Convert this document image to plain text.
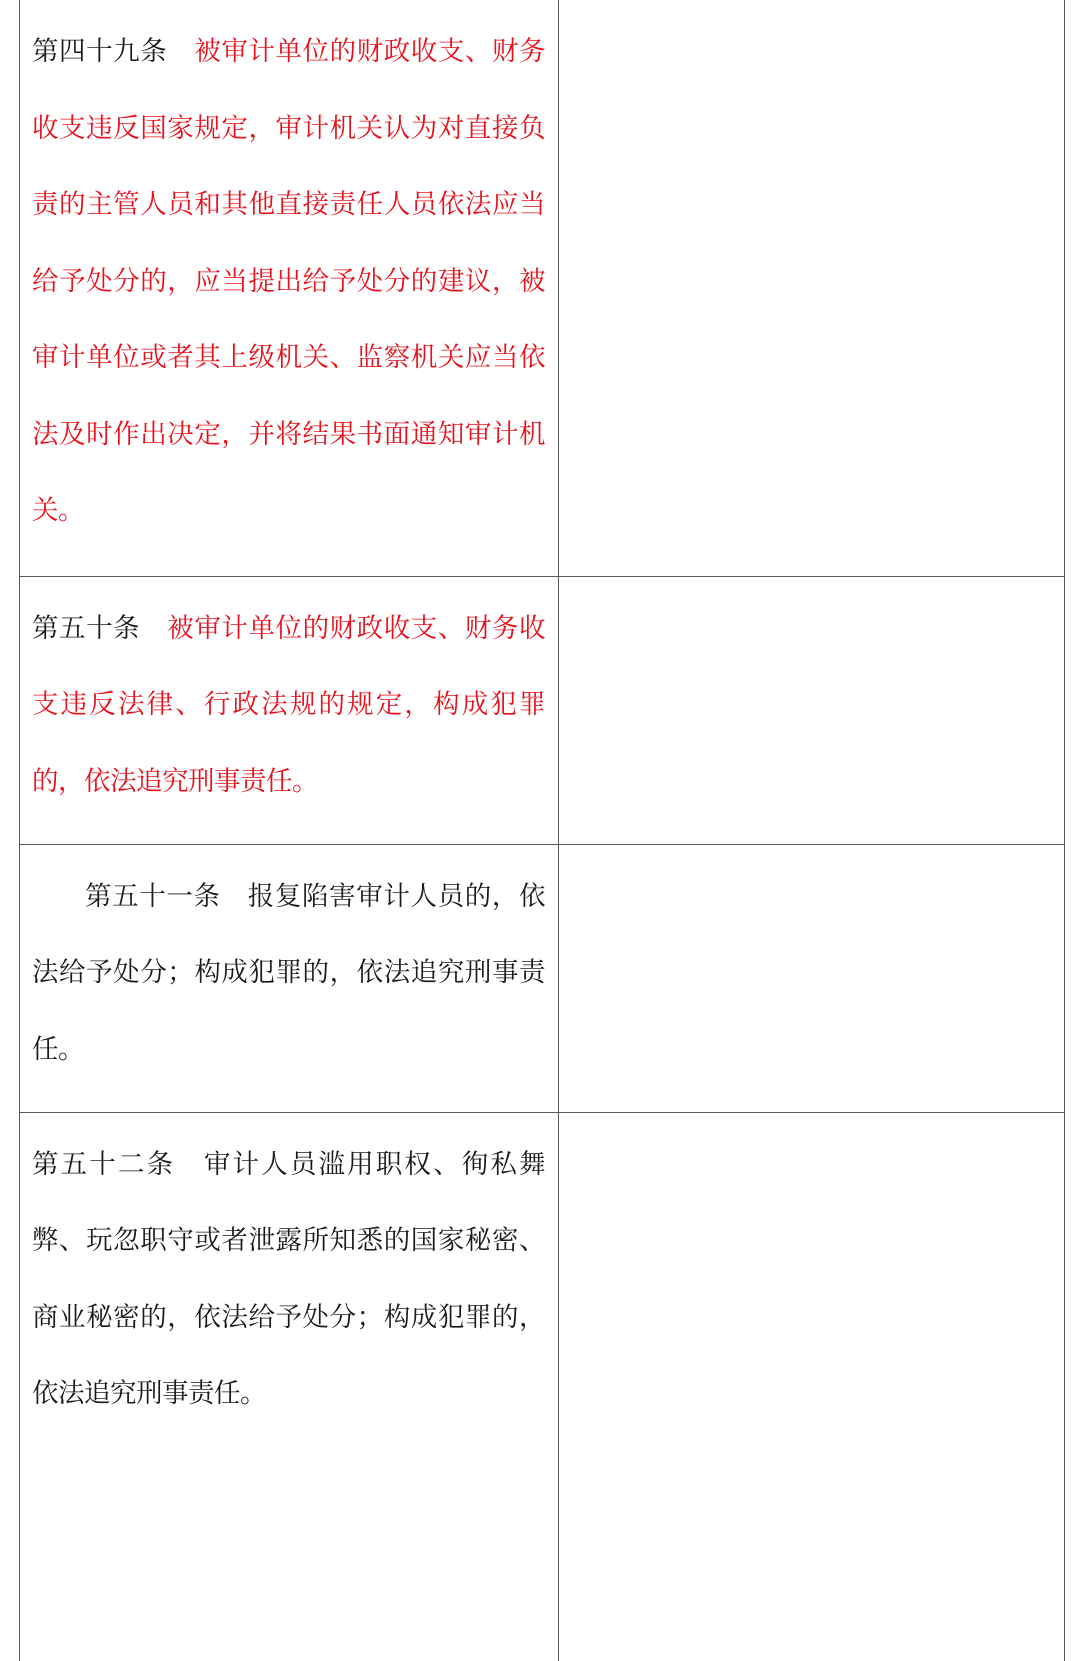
第四十九条 被审计单位的财政收支、财务收支违反国家规定，审计机关认为对直接负责的主管人员和其他直接责任人员依法应当给予处分的，应当提出给予处分的建议，被审计单位或者其上级机关、监察机关应当依法及时作出决定，并将结果书面通知审计机关。	

第五十条 被审计单位的财政收支、财务收支违反法律、行政法规的规定，构成犯罪的，依法追究刑事责任。	

第五十一条 报复陷害审计人员的，依法给予处分；构成犯罪的，依法追究刑事责任。	

第五十二条 审计人员滥用职权、徇私舞弊、玩忽职守或者泄露所知悉的国家秘密、商业秘密的，依法给予处分；构成犯罪的，依法追究刑事责任。	
